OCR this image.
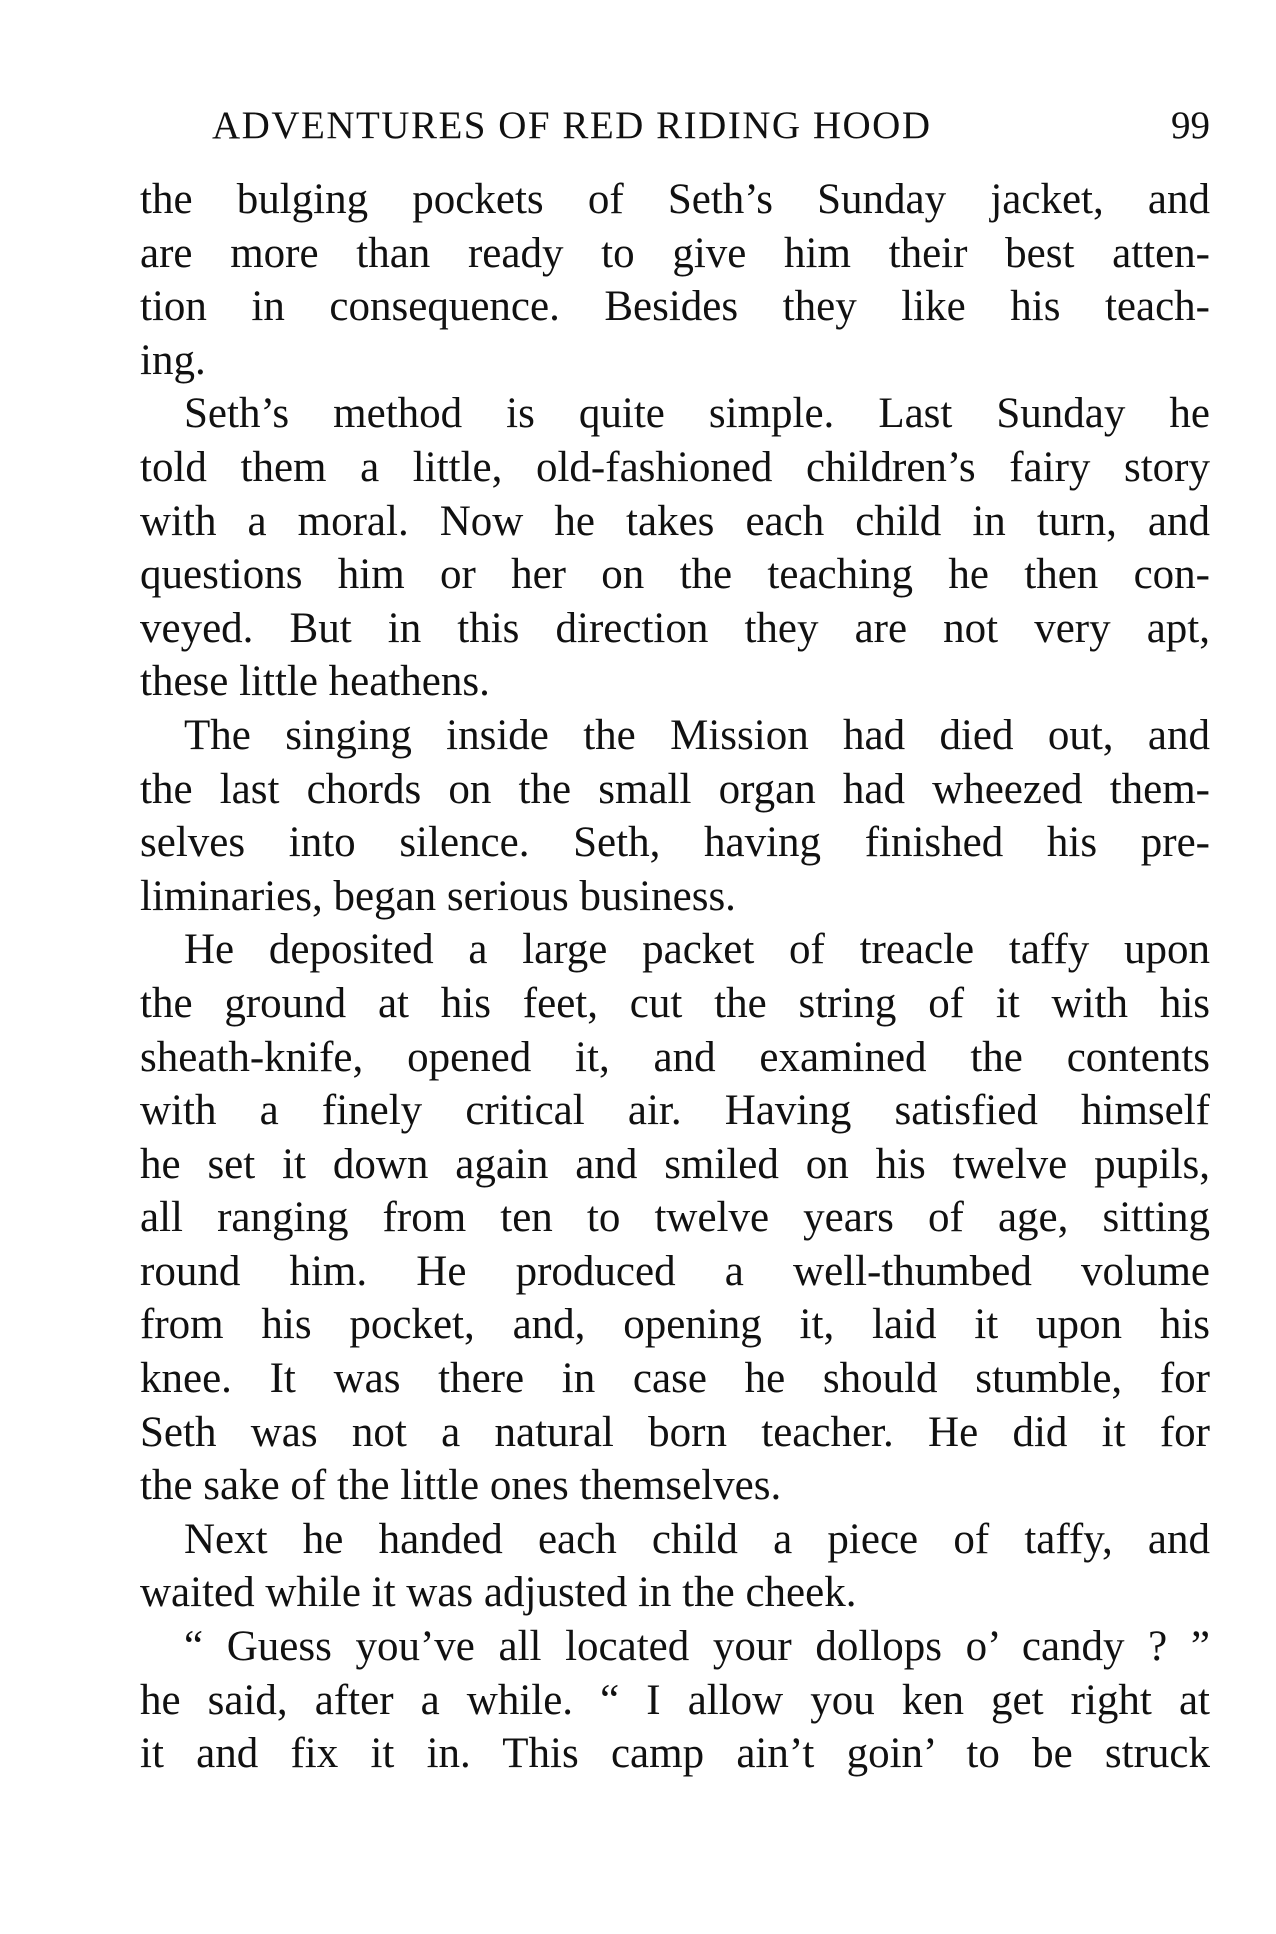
ADVENTURES OF RED RIDING HOOD	99
the bulging pockets of Seth’s Sunday jacket, and
are more than ready to give him their best atten-
tion in consequence. Besides they like his teach-
ing.
Seth’s method is quite simple. Last Sunday he
told them a little, old-fashioned children’s fairy story
with a moral. Now he takes each child in turn, and
questions him or her on the teaching he then con-
veyed. But in this direction they are not very apt,
these little heathens.
The singing inside the Mission had died out, and
the last chords on the small organ had wheezed them-
selves into silence. Seth, having finished his pre-
liminaries, began serious business.
He deposited a large packet of treacle taffy upon
the ground at his feet, cut the string of it with his
sheath-knife, opened it, and examined the contents
with a finely critical air. Having satisfied himself
he set it down again and smiled on his twelve pupils,
all ranging from ten to twelve years of age, sitting
round him. He produced a well-thumbed volume
from his pocket, and, opening it, laid it upon his
knee. It was there in case he should stumble, for
Seth was not a natural born teacher. He did it for
the sake of the little ones themselves.
Next he handed each child a piece of taffy, and
waited while it was adjusted in the cheek.
“ Guess you’ve all located your dollops o’ candy ? ”
he said, after a while. “ I allow you ken get right at
it and fix it in. This camp ain’t goin’ to be struck
